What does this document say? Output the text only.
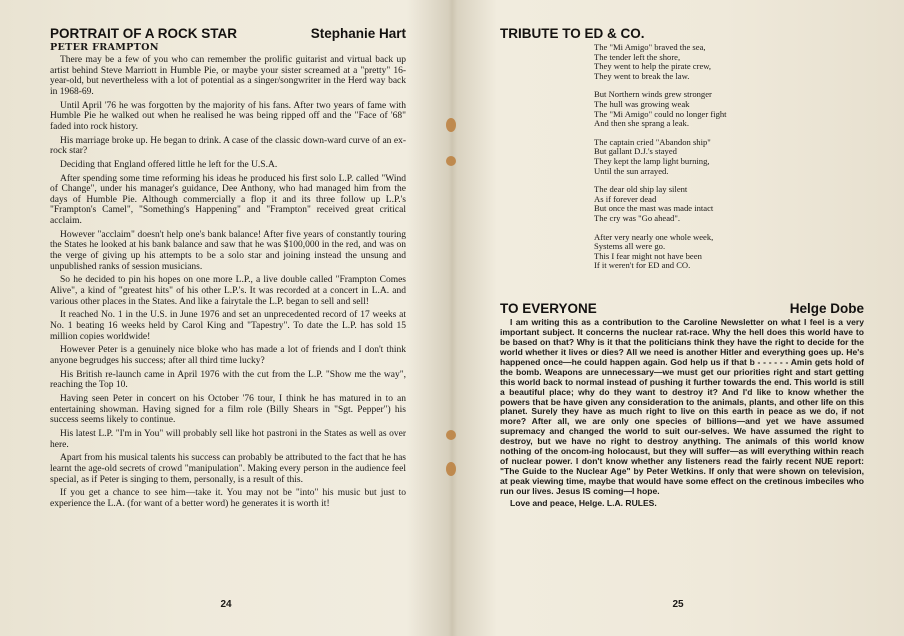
PORTRAIT OF A ROCK STAR	Stephanie Hart
PETER FRAMPTON

There may be a few of you who can remember the prolific guitarist and virtual back up artist behind Steve Marriott in Humble Pie, or maybe your sister screamed at a "pretty" 16-year-old, but nevertheless with a lot of potential as a singer/songwriter in the Herd way back in 1968-69.

Until April '76 he was forgotten by the majority of his fans. After two years of fame with Humble Pie he walked out when he realised he was being ripped off and the "Face of '68" faded into rock history.

His marriage broke up. He began to drink. A case of the classic down-ward curve of an ex-rock star?

Deciding that England offered little he left for the U.S.A.

After spending some time reforming his ideas he produced his first solo L.P. called "Wind of Change", under his manager's guidance, Dee Anthony, who had managed him from the days of Humble Pie. Although commercially a flop it and its three follow up L.P.'s "Frampton's Camel", "Something's Happening" and "Frampton" received great critical acclaim.

However "acclaim" doesn't help one's bank balance! After five years of constantly touring the States he looked at his bank balance and saw that he was $100,000 in the red, and was on the verge of giving up his attempts to be a solo star and joining instead the unsung and unpublished ranks of session musicians.

So he decided to pin his hopes on one more L.P., a live double called "Frampton Comes Alive", a kind of "greatest hits" of his other L.P.'s. It was recorded at a concert in L.A. and various other places in the States. And like a fairytale the L.P. began to sell and sell!

It reached No. 1 in the U.S. in June 1976 and set an unprecedented record of 17 weeks at No. 1 beating 16 weeks held by Carol King and "Tapestry". To date the L.P. has sold 15 million copies worldwide!

However Peter is a genuinely nice bloke who has made a lot of friends and I don't think anyone begrudges his success; after all third time lucky?

His British re-launch came in April 1976 with the cut from the L.P. "Show me the way", reaching the Top 10.

Having seen Peter in concert on his October '76 tour, I think he has matured in to an entertaining showman. Having signed for a film role (Billy Shears in "Sgt. Pepper") his success seems likely to continue.

His latest L.P. "I'm in You" will probably sell like hot pastroni in the States as well as over here.

Apart from his musical talents his success can probably be attributed to the fact that he has learnt the age-old secrets of crowd "manipulation". Making every person in the audience feel special, as if Peter is singing to them, personally, is a result of this.

If you get a chance to see him—take it. You may not be "into" his music but just to experience the L.A. (for want of a better word) he generates it is worth it!

24
TRIBUTE TO ED & CO.
The "Mi Amigo" braved the sea,
The tender left the shore,
They went to help the pirate crew,
They went to break the law.
But Northern winds grew stronger
The hull was growing weak
The "Mi Amigo" could no longer fight
And then she sprang a leak.
The captain cried "Abandon ship"
But gallant D.J.'s stayed
They kept the lamp light burning,
Until the sun arrayed.
The dear old ship lay silent
As if forever dead
But once the mast was made intact
The cry was "Go ahead".
After very nearly one whole week,
Systems all were go.
This I fear might not have been
If it weren't for ED and CO.
TO EVERYONE	Helge Dobe

I am writing this as a contribution to the Caroline Newsletter on what I feel is a very important subject. It concerns the nuclear rat-race. Why the hell does this world have to be based on that? Why is it that the politicians think they have the right to decide for the world whether it lives or dies? All we need is another Hitler and everything goes up. He's happened once—he could happen again. God help us if that b - - - - - - Amin gets hold of the bomb. Weapons are unnecessary—we must get our priorities right and start getting this world back to normal instead of pushing it further towards the end. This world is still a beautiful place; why do they want to destroy it? And I'd like to know whether the powers that be have given any consideration to the animals, plants, and other life on this planet. Surely they have as much right to live on this earth in peace as we do, if not more? After all, we are only one species of billions—and yet we have assumed supremacy and changed the world to suit our-selves. We have assumed the right to destroy, but we have no right to destroy anything. The animals of this world know nothing of the oncom-ing holocaust, but they will suffer—as will everything within reach of nuclear power. I don't know whether any listeners read the fairly recent NUE report: "The Guide to the Nuclear Age" by Peter Wetkins. If only that were shown on television, at peak viewing time, maybe that would have some effect on the cretinous imbeciles who run our lives. Jesus IS coming—I hope.

Love and peace, Helge. L.A. RULES.

25
